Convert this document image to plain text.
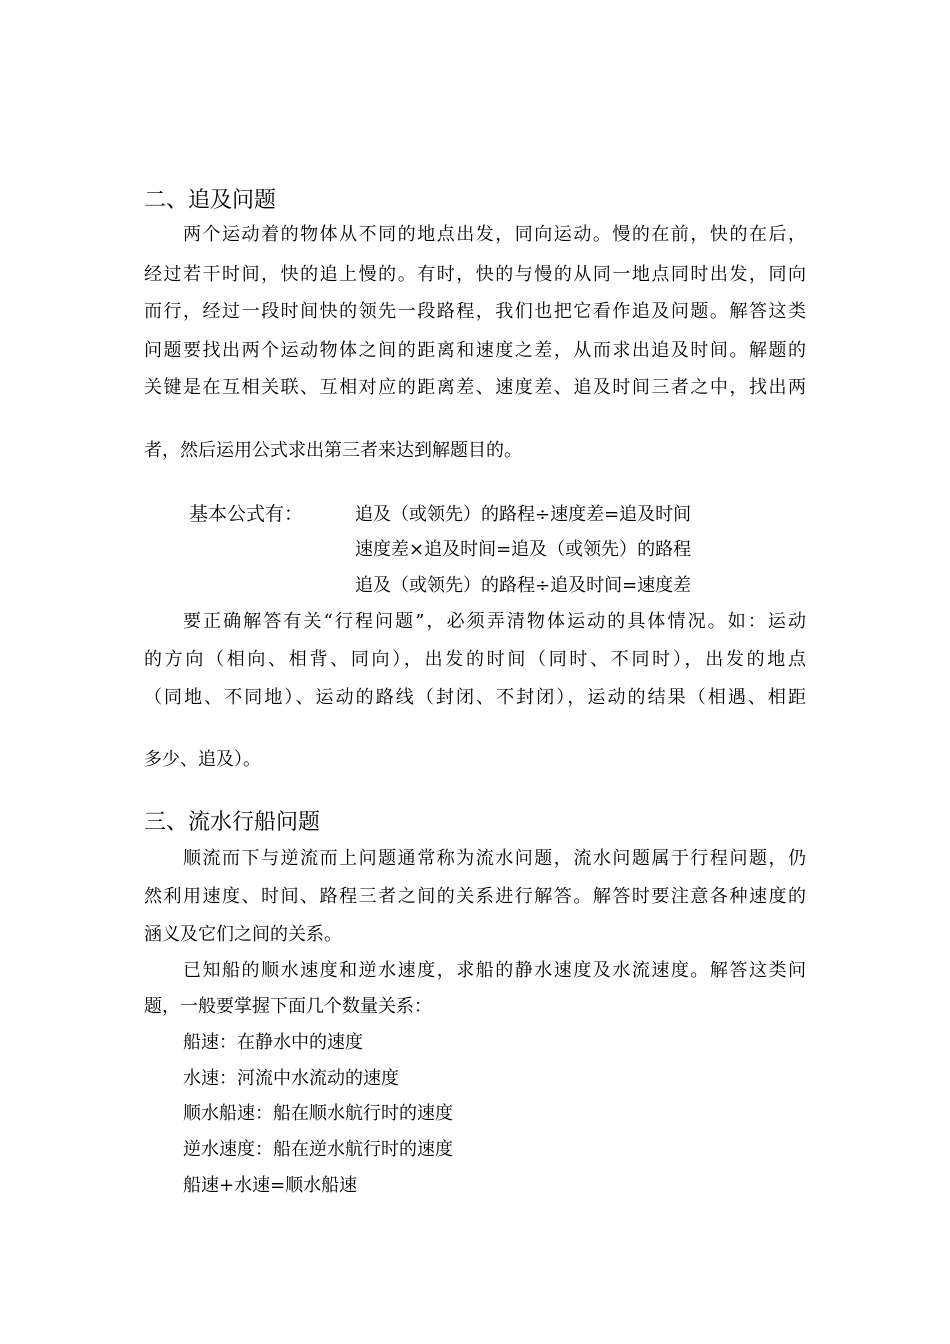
二、追及问题
两个运动着的物体从不同的地点出发，同向运动。慢的在前，快的在后，
经过若干时间，快的追上慢的。有时，快的与慢的从同一地点同时出发，同向
而行，经过一段时间快的领先一段路程，我们也把它看作追及问题。解答这类
问题要找出两个运动物体之间的距离和速度之差，从而求出追及时间。解题的
关键是在互相关联、互相对应的距离差、速度差、追及时间三者之中，找出两
者，然后运用公式求出第三者来达到解题目的。
基本公式有：	追及（或领先）的路程÷速度差=追及时间
速度差×追及时间=追及（或领先）的路程
追及（或领先）的路程÷追及时间=速度差
要正确解答有关“行程问题”，必须弄清物体运动的具体情况。如：运动
的方向（相向、相背、同向），出发的时间（同时、不同时），出发的地点
（同地、不同地）、运动的路线（封闭、不封闭），运动的结果（相遇、相距
多少、追及）。
三、流水行船问题
顺流而下与逆流而上问题通常称为流水问题，流水问题属于行程问题，仍
然利用速度、时间、路程三者之间的关系进行解答。解答时要注意各种速度的
涵义及它们之间的关系。
已知船的顺水速度和逆水速度，求船的静水速度及水流速度。解答这类问
题，一般要掌握下面几个数量关系：
船速：在静水中的速度
水速：河流中水流动的速度
顺水船速：船在顺水航行时的速度
逆水速度：船在逆水航行时的速度
船速+水速=顺水船速
